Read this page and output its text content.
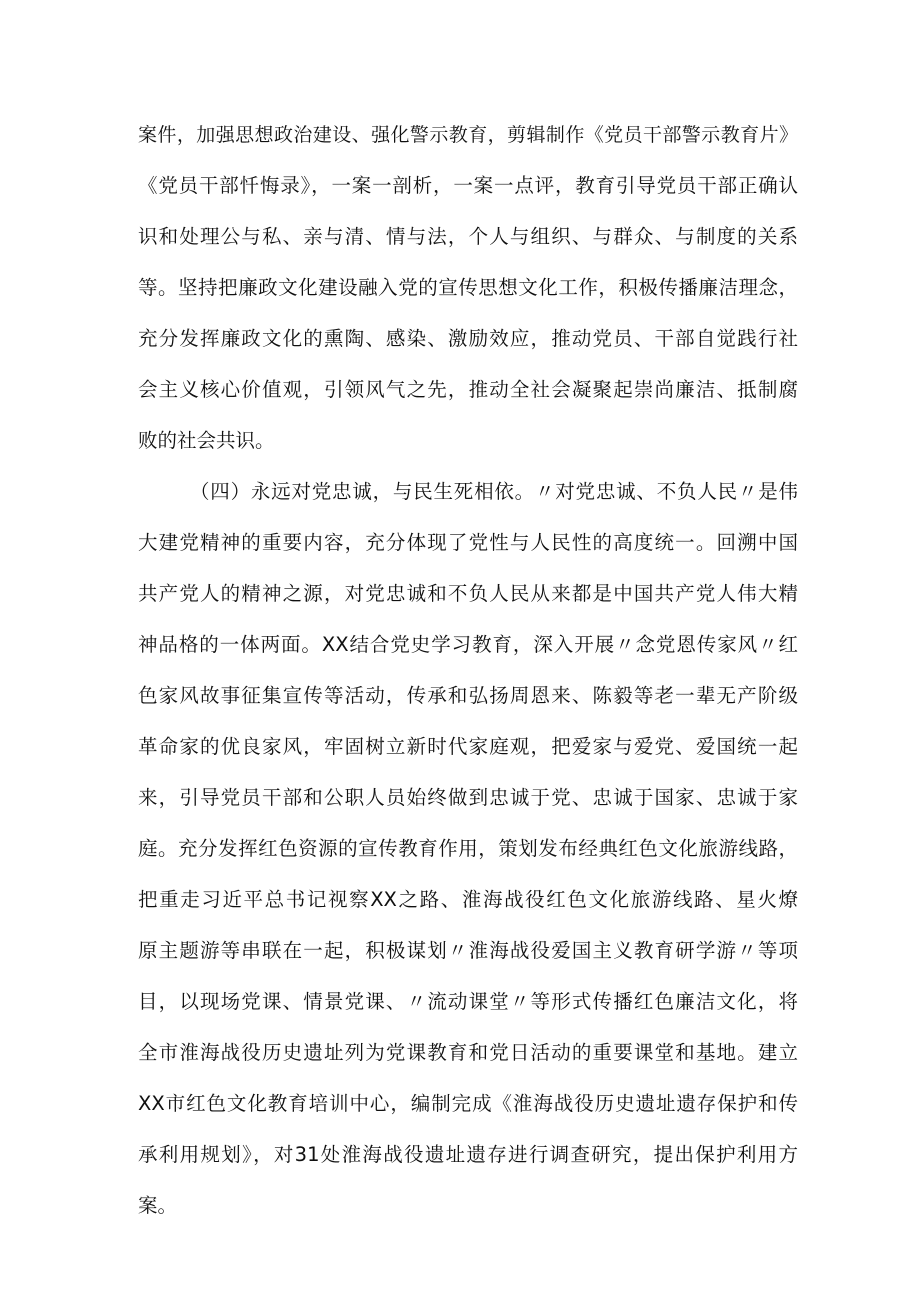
案件，加强思想政治建设、强化警示教育，剪辑制作《党员干部警示教育片》
《党员干部忏悔录》，一案一剖析，一案一点评，教育引导党员干部正确认
识和处理公与私、亲与清、情与法，个人与组织、与群众、与制度的关系
等。坚持把廉政文化建设融入党的宣传思想文化工作，积极传播廉洁理念，
充分发挥廉政文化的熏陶、感染、激励效应，推动党员、干部自觉践行社
会主义核心价值观，引领风气之先，推动全社会凝聚起崇尚廉洁、抵制腐
败的社会共识。
（四）永远对党忠诚，与民生死相依。〃对党忠诚、不负人民〃是伟
大建党精神的重要内容，充分体现了党性与人民性的高度统一。回溯中国
共产党人的精神之源，对党忠诚和不负人民从来都是中国共产党人伟大精
神品格的一体两面。XX结合党史学习教育，深入开展〃念党恩传家风〃红
色家风故事征集宣传等活动，传承和弘扬周恩来、陈毅等老一辈无产阶级
革命家的优良家风，牢固树立新时代家庭观，把爱家与爱党、爱国统一起
来，引导党员干部和公职人员始终做到忠诚于党、忠诚于国家、忠诚于家
庭。充分发挥红色资源的宣传教育作用，策划发布经典红色文化旅游线路，
把重走习近平总书记视察XX之路、淮海战役红色文化旅游线路、星火燎
原主题游等串联在一起，积极谋划〃淮海战役爱国主义教育研学游〃等项
目，以现场党课、情景党课、〃流动课堂〃等形式传播红色廉洁文化，将
全市淮海战役历史遗址列为党课教育和党日活动的重要课堂和基地。建立
XX市红色文化教育培训中心，编制完成《淮海战役历史遗址遗存保护和传
承利用规划》，对31处淮海战役遗址遗存进行调查研究，提出保护利用方
案。
